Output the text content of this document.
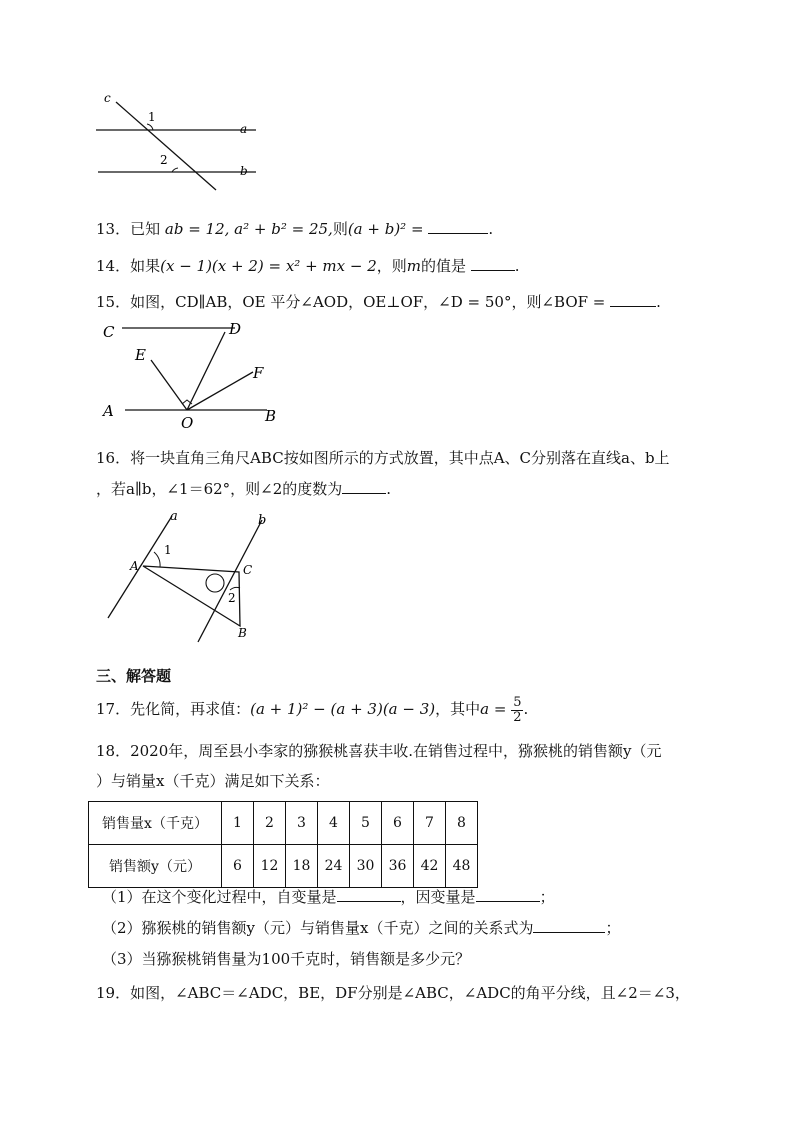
c
1
2
a
b
13．已知 ab = 12, a² + b² = 25,则(a + b)² =	.
14．如果(x − 1)(x + 2) = x² + mx − 2，则m的值是	.
15．如图，CD∥AB，OE 平分∠AOD，OE⊥OF，∠D = 50°，则∠BOF =	.
C	D
E
F
A
O	B
16．将一块直角三角尺ABC按如图所示的方式放置，其中点A、C分别落在直线a、b上
，若a∥b，∠1＝62°，则∠2的度数为	.
a	b
1
2
A	C
B
三、解答题
17．先化简，再求值：(a + 1)² − (a + 3)(a − 3)，其中$a = \frac{5}{2}$ .
18．2020年，周至县小李家的猕猴桃喜获丰收.在销售过程中，猕猴桃的销售额y（元
）与销量x（千克）满足如下关系：
销售量x（千克）	1	2	3	4	5	6	7	8
销售额y（元）	6	12	18	24	30	36	42	48
（1）在这个变化过程中，自变量是	，因变量是	；
（2）猕猴桃的销售额y（元）与销售量x（千克）之间的关系式为	；
（3）当猕猴桃销售量为100千克时，销售额是多少元？
19．如图，∠ABC＝∠ADC，BE，DF分别是∠ABC，∠ADC的角平分线，且∠2＝∠3，
